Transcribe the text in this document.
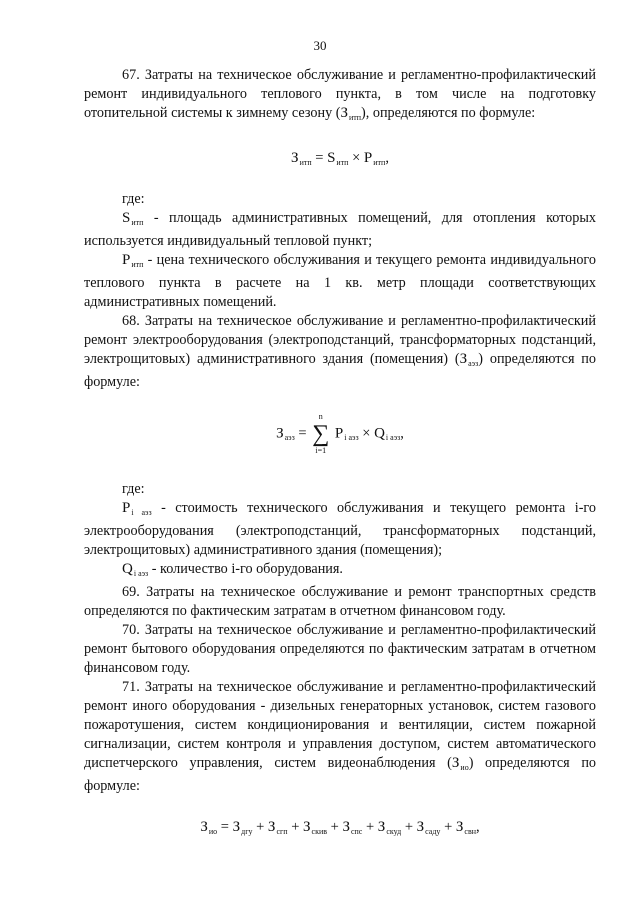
30

67. Затраты на техническое обслуживание и регламентно-профилактический ремонт индивидуального теплового пункта, в том числе на подготовку отопительной системы к зимнему сезону $(З_{итп})$, определяются по формуле:

$З_{итп} = S_{итп} \times P_{итп}$,

где:

$S_{итп}$ - площадь административных помещений, для отопления которых используется индивидуальный тепловой пункт;

$P_{итп}$ - цена технического обслуживания и текущего ремонта индивидуального теплового пункта в расчете на 1 кв. метр площади соответствующих административных помещений.

68. Затраты на техническое обслуживание и регламентно-профилактический ремонт электрооборудования (электроподстанций, трансформаторных подстанций, электрощитовых) административного здания (помещения) $(З_{аэз})$ определяются по формуле:

$З_{аэз}$ =
n
∑
i=1
$P_{i аэз} \times Q_{i аэз}$,

где:

$P_{i аэз}$ - стоимость технического обслуживания и текущего ремонта i-го электрооборудования (электроподстанций, трансформаторных подстанций, электрощитовых) административного здания (помещения);

$Q_{i аэз}$ - количество i-го оборудования.

69. Затраты на техническое обслуживание и ремонт транспортных средств определяются по фактическим затратам в отчетном финансовом году.

70. Затраты на техническое обслуживание и регламентно-профилактический ремонт бытового оборудования определяются по фактическим затратам в отчетном финансовом году.

71. Затраты на техническое обслуживание и регламентно-профилактический ремонт иного оборудования - дизельных генераторных установок, систем газового пожаротушения, систем кондиционирования и вентиляции, систем пожарной сигнализации, систем контроля и управления доступом, систем автоматического диспетчерского управления, систем видеонаблюдения $(З_{ио})$ определяются по формуле:

$З_{ио} = З_{дгу} + З_{сгп} + З_{скив} + З_{спс} + З_{скуд} + З_{саду} + З_{свн}$,
